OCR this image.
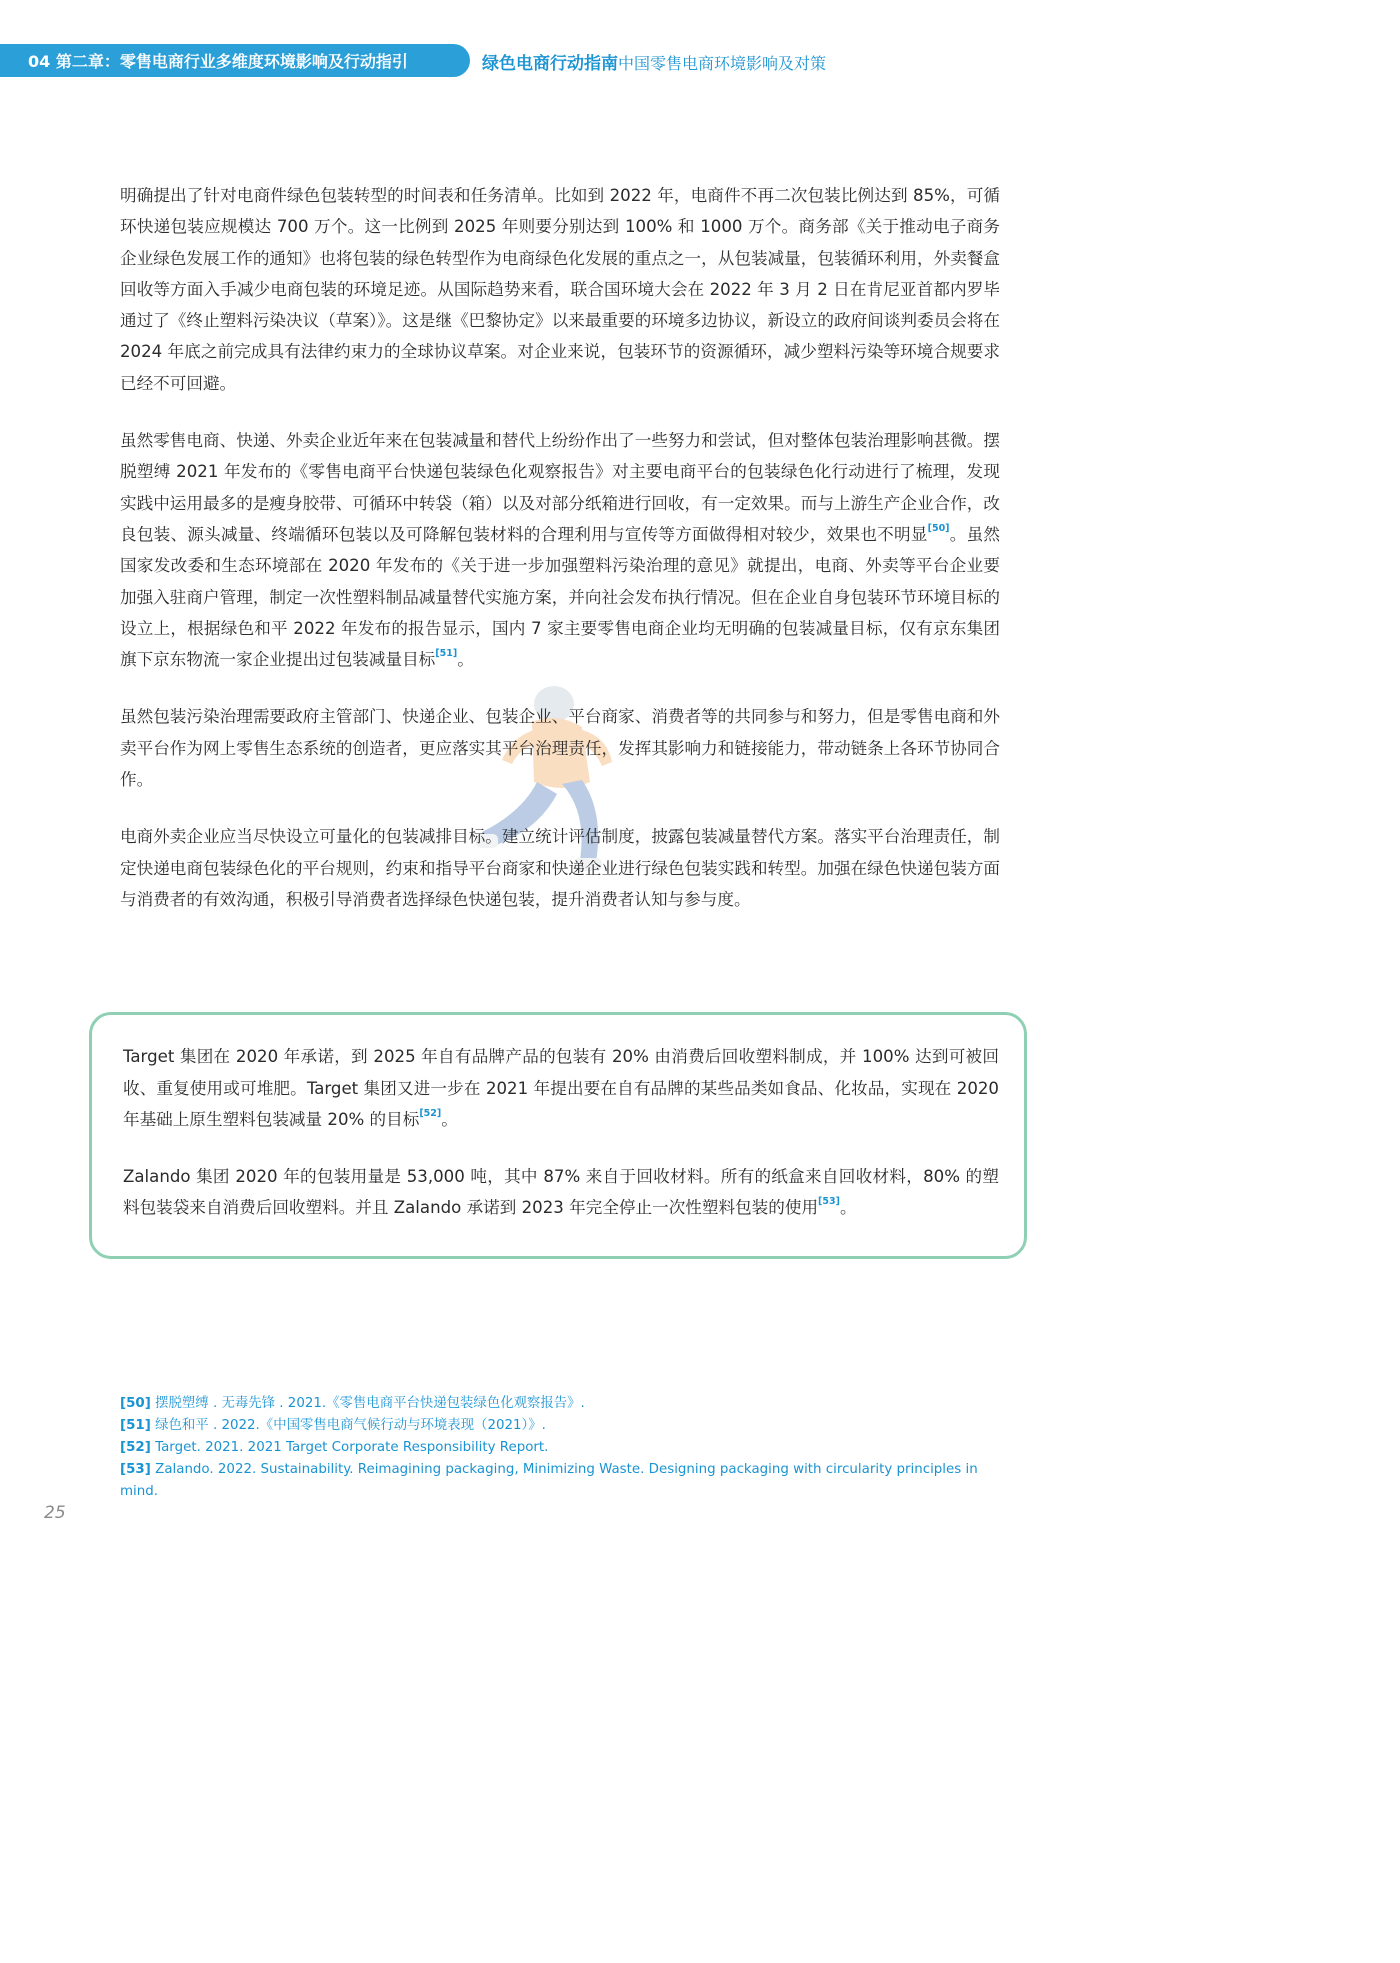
04 第二章：零售电商行业多维度环境影响及行动指引	绿色电商行动指南中国零售电商环境影响及对策

明确提出了针对电商件绿色包装转型的时间表和任务清单。比如到 2022 年，电商件不再二次包装比例达到 85%，可循环快递包装应规模达 700 万个。这一比例到 2025 年则要分别达到 100% 和 1000 万个。商务部《关于推动电子商务企业绿色发展工作的通知》也将包装的绿色转型作为电商绿色化发展的重点之一，从包装减量，包装循环利用，外卖餐盒回收等方面入手减少电商包装的环境足迹。从国际趋势来看，联合国环境大会在 2022 年 3 月 2 日在肯尼亚首都内罗毕通过了《终止塑料污染决议（草案）》。这是继《巴黎协定》以来最重要的环境多边协议，新设立的政府间谈判委员会将在 2024 年底之前完成具有法律约束力的全球协议草案。对企业来说，包装环节的资源循环，减少塑料污染等环境合规要求已经不可回避。

虽然零售电商、快递、外卖企业近年来在包装减量和替代上纷纷作出了一些努力和尝试，但对整体包装治理影响甚微。摆脱塑缚 2021 年发布的《零售电商平台快递包装绿色化观察报告》对主要电商平台的包装绿色化行动进行了梳理，发现实践中运用最多的是瘦身胶带、可循环中转袋（箱）以及对部分纸箱进行回收，有一定效果。而与上游生产企业合作，改良包装、源头减量、终端循环包装以及可降解包装材料的合理利用与宣传等方面做得相对较少，效果也不明显[50]。虽然国家发改委和生态环境部在 2020 年发布的《关于进一步加强塑料污染治理的意见》就提出，电商、外卖等平台企业要加强入驻商户管理，制定一次性塑料制品减量替代实施方案，并向社会发布执行情况。但在企业自身包装环节环境目标的设立上，根据绿色和平 2022 年发布的报告显示，国内 7 家主要零售电商企业均无明确的包装减量目标，仅有京东集团旗下京东物流一家企业提出过包装减量目标[51]。

虽然包装污染治理需要政府主管部门、快递企业、包装企业、平台商家、消费者等的共同参与和努力，但是零售电商和外卖平台作为网上零售生态系统的创造者，更应落实其平台治理责任，发挥其影响力和链接能力，带动链条上各环节协同合作。

电商外卖企业应当尽快设立可量化的包装减排目标。建立统计评估制度，披露包装减量替代方案。落实平台治理责任，制定快递电商包装绿色化的平台规则，约束和指导平台商家和快递企业进行绿色包装实践和转型。加强在绿色快递包装方面与消费者的有效沟通，积极引导消费者选择绿色快递包装，提升消费者认知与参与度。

Target 集团在 2020 年承诺，到 2025 年自有品牌产品的包装有 20% 由消费后回收塑料制成，并 100% 达到可被回收、重复使用或可堆肥。Target 集团又进一步在 2021 年提出要在自有品牌的某些品类如食品、化妆品，实现在 2020 年基础上原生塑料包装减量 20% 的目标[52]。

Zalando 集团 2020 年的包装用量是 53,000 吨，其中 87% 来自于回收材料。所有的纸盒来自回收材料，80% 的塑料包装袋来自消费后回收塑料。并且 Zalando 承诺到 2023 年完全停止一次性塑料包装的使用[53]。

[50] 摆脱塑缚 . 无毒先锋 . 2021.《零售电商平台快递包装绿色化观察报告》.
[51] 绿色和平 . 2022.《中国零售电商气候行动与环境表现（2021）》.
[52] Target. 2021. 2021 Target Corporate Responsibility Report.
[53] Zalando. 2022. Sustainability. Reimagining packaging, Minimizing Waste. Designing packaging with circularity principles in mind.
25
